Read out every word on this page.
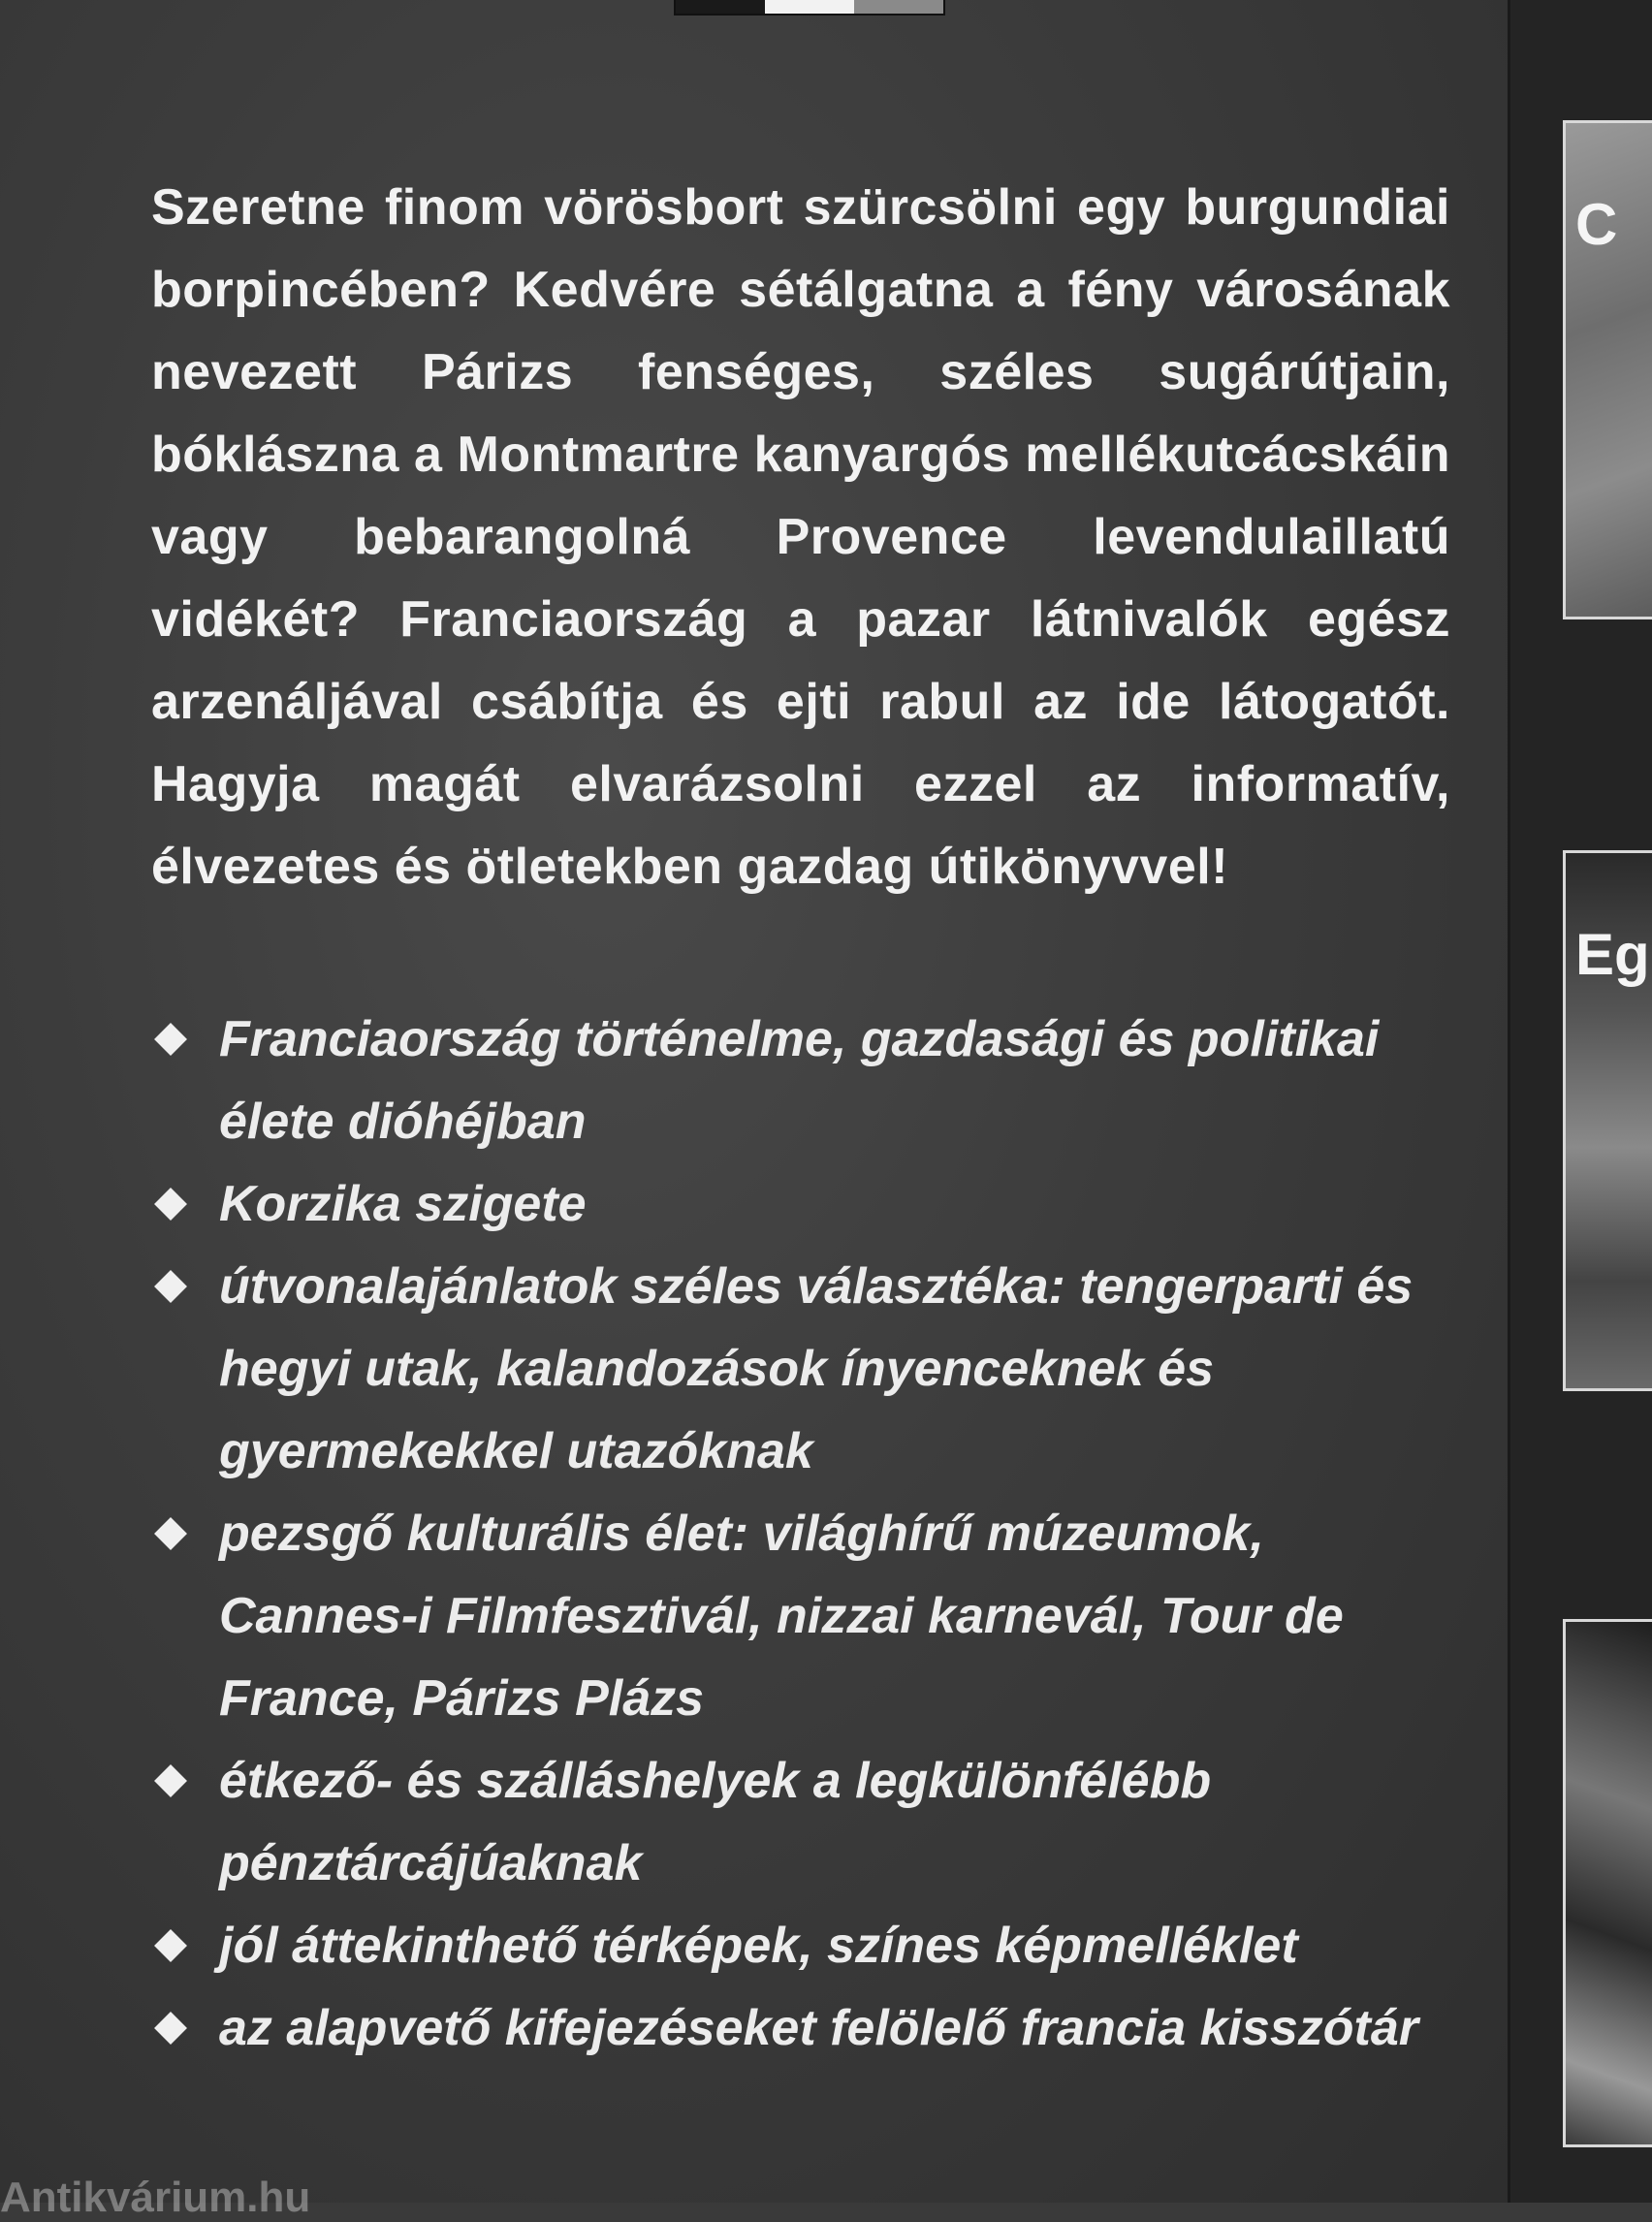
Szeretne finom vörösbort szürcsölni egy burgundiai borpincében? Kedvére sétálgatna a fény városának nevezett Párizs fenséges, széles sugárútjain, bóklászna a Montmartre kanyargós mellékutcácskáin vagy bebarangolná Provence levendulaillatú vidékét? Franciaország a pazar látnivalók egész arzenáljával csábítja és ejti rabul az ide látogatót. Hagyja magát elvarázsolni ezzel az informatív, élvezetes és ötletekben gazdag útikönyvvel!

Franciaország történelme, gazdasági és politikai élete dióhéjban
Korzika szigete
útvonalajánlatok széles választéka: tengerparti és hegyi utak, kalandozások ínyenceknek és gyermekekkel utazóknak
pezsgő kulturális élet: világhírű múzeumok, Cannes-i Filmfesztivál, nizzai karnevál, Tour de France, Párizs Plázs
étkező- és szálláshelyek a legkülönfélébb pénztárcájúaknak
jól áttekinthető térképek, színes képmelléklet
az alapvető kifejezéseket felölelő francia kisszótár
Antikvárium.hu
C
Eg
